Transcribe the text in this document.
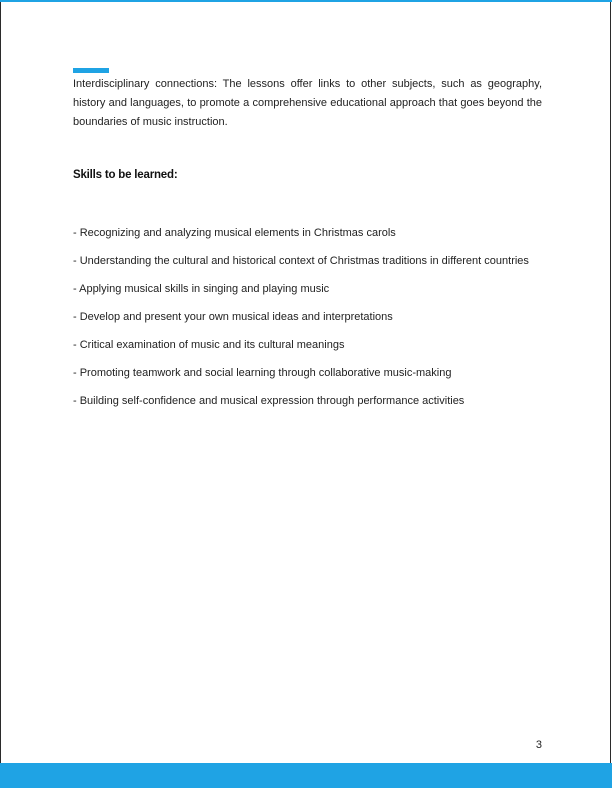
Interdisciplinary connections: The lessons offer links to other subjects, such as geography, history and languages, to promote a comprehensive educational approach that goes beyond the boundaries of music instruction.

Skills to be learned:
- Recognizing and analyzing musical elements in Christmas carols
- Understanding the cultural and historical context of Christmas traditions in different countries
- Applying musical skills in singing and playing music
- Develop and present your own musical ideas and interpretations
- Critical examination of music and its cultural meanings
- Promoting teamwork and social learning through collaborative music-making
- Building self-confidence and musical expression through performance activities
3
